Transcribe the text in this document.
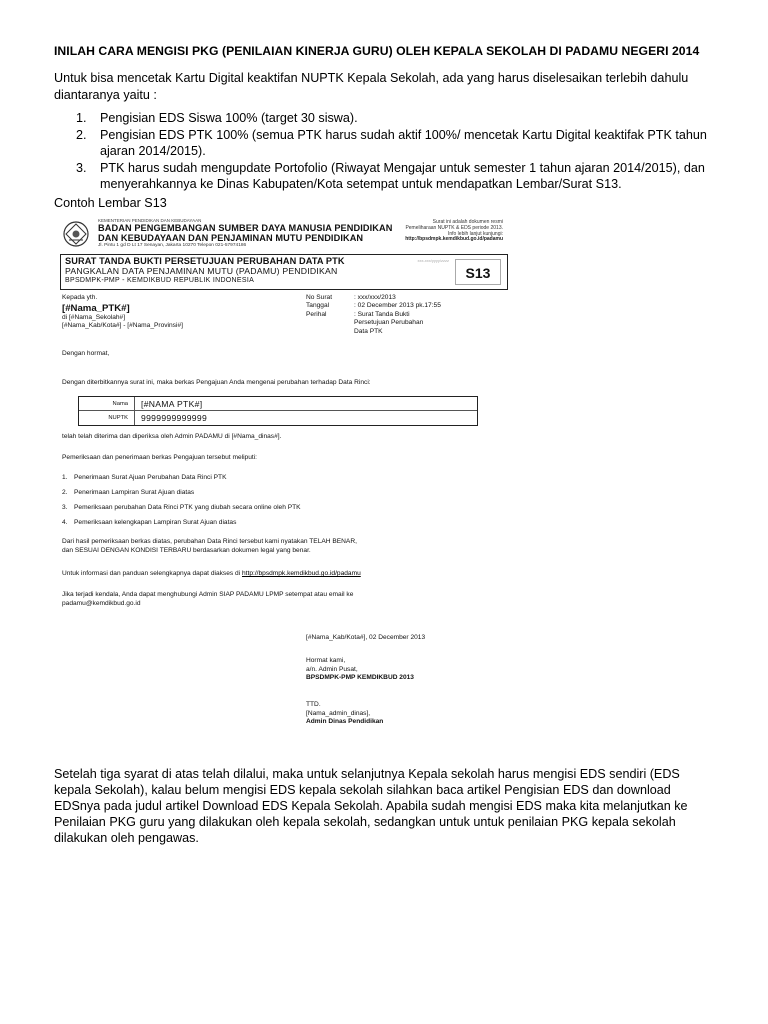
INILAH CARA MENGISI PKG (PENILAIAN KINERJA GURU) OLEH KEPALA SEKOLAH DI PADAMU NEGERI 2014
Untuk bisa mencetak Kartu Digital keaktifan NUPTK Kepala Sekolah, ada yang harus diselesaikan terlebih dahulu diantaranya yaitu :
1.	Pengisian EDS Siswa 100% (target 30 siswa).
2.	Pengisian EDS PTK 100% (semua PTK harus sudah aktif 100%/ mencetak Kartu Digital keaktifak PTK tahun ajaran 2014/2015).
3.	PTK harus sudah mengupdate Portofolio (Riwayat Mengajar untuk semester 1 tahun ajaran 2014/2015), dan menyerahkannya ke Dinas Kabupaten/Kota setempat untuk mendapatkan Lembar/Surat S13.
Contoh Lembar S13
KEMENTERIAN PENDIDIKAN DAN KEBUDAYAAN
BADAN PENGEMBANGAN SUMBER DAYA MANUSIA PENDIDIKAN
DAN KEBUDAYAAN DAN PENJAMINAN MUTU PENDIDIKAN
Jl. Pintu 1 gd D Lt 17 Senayan, Jakarta 10270 Telepon 021-57974186
Surat ini adalah dokumen resmi
Pemeliharaan NUPTK & EDS periode 2013.
Info lebih lanjut kunjungi:
http://bpsdmpk.kemdikbud.go.id/padamu
SURAT TANDA BUKTI PERSETUJUAN PERUBAHAN DATA PTK
PANGKALAN DATA PENJAMINAN MUTU (PADAMU) PENDIDIKAN
BPSDMPK-PMP - KEMDIKBUD REPUBLIK INDONESIA
xxx-xxx/yyyy/zzzz
S13
Kepada yth.
[#Nama_PTK#]
di [#Nama_Sekolah#]
[#Nama_Kab/Kota#] - [#Nama_Provinsi#]
No Surat	: xxx/xxx/2013
Tanggal	: 02 December 2013 pk.17:55
Perihal	: Surat Tanda Bukti
Persetujuan Perubahan
Data PTK
Dengan hormat,
Dengan diterbitkannya surat ini, maka berkas Pengajuan Anda mengenai perubahan terhadap Data Rinci:
Nama	[#NAMA PTK#]
NUPTK	9999999999999
telah telah diterima dan diperiksa oleh Admin PADAMU di [#Nama_dinas#].
Pemeriksaan dan penerimaan berkas Pengajuan tersebut meliputi:
1. Penerimaan Surat Ajuan Perubahan Data Rinci PTK
2. Penerimaan Lampiran Surat Ajuan diatas
3. Pemeriksaan perubahan Data Rinci PTK yang diubah secara online oleh PTK
4. Pemeriksaan kelengkapan Lampiran Surat Ajuan diatas
Dari hasil pemeriksaan berkas diatas, perubahan Data Rinci tersebut kami nyatakan TELAH BENAR,
dan SESUAI DENGAN KONDISI TERBARU berdasarkan dokumen legal yang benar.
Untuk informasi dan panduan selengkapnya dapat diakses di http://bpsdmpk.kemdikbud.go.id/padamu
Jika terjadi kendala, Anda dapat menghubungi Admin SIAP PADAMU LPMP setempat atau email ke
padamu@kemdikbud.go.id
[#Nama_Kab/Kota#], 02 December 2013
Hormat kami,
a/n. Admin Pusat,
BPSDMPK-PMP KEMDIKBUD 2013
TTD.
[Nama_admin_dinas],
Admin Dinas Pendidikan
Setelah tiga syarat di atas telah dilalui, maka untuk selanjutnya Kepala sekolah harus mengisi EDS sendiri (EDS kepala Sekolah), kalau belum mengisi EDS kepala sekolah silahkan baca artikel Pengisian EDS dan download EDSnya pada judul artikel Download EDS Kepala Sekolah. Apabila sudah mengisi EDS maka kita melanjutkan ke Penilaian PKG guru yang dilakukan oleh kepala sekolah, sedangkan untuk untuk penilaian PKG kepala sekolah dilakukan oleh pengawas.
